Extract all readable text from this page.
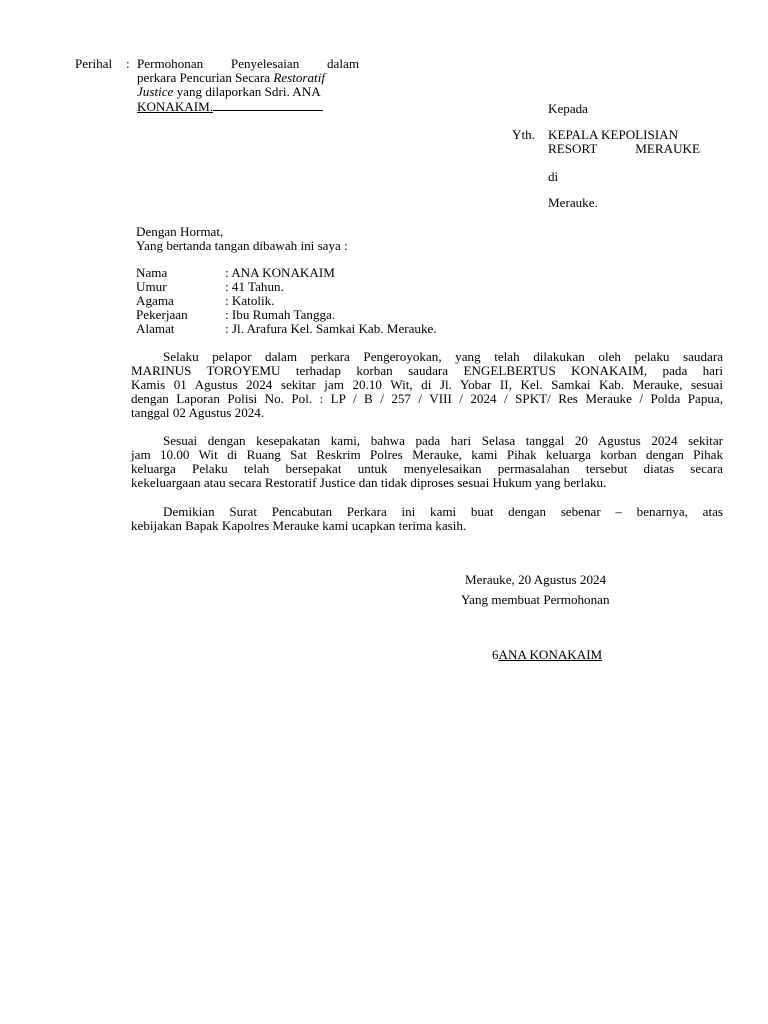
Perihal : Permohonan Penyelesaian dalam
perkara Pencurian Secara Restoratif
Justice yang dilaporkan Sdri. ANA
KONAKAIM.	Kepada
Yth. KEPALA KEPOLISIAN
RESORT	MERAUKE
di
Merauke.
Dengan Hormat,
Yang bertanda tangan dibawah ini saya :
Nama	: ANA KONAKAIM
Umur	: 41 Tahun.
Agama	: Katolik.
Pekerjaan	: Ibu Rumah Tangga.
Alamat	: Jl. Arafura Kel. Samkai Kab. Merauke.
Selaku pelapor dalam perkara Pengeroyokan, yang telah dilakukan oleh pelaku saudara
MARINUS TOROYEMU terhadap korban saudara ENGELBERTUS KONAKAIM, pada hari
Kamis 01 Agustus 2024 sekitar jam 20.10 Wit, di Jl. Yobar II, Kel. Samkai Kab. Merauke, sesuai
dengan Laporan Polisi No. Pol. : LP / B / 257 / VIII / 2024 / SPKT/ Res Merauke / Polda Papua,
tanggal 02 Agustus 2024.
Sesuai dengan kesepakatan kami, bahwa pada hari Selasa tanggal 20 Agustus 2024 sekitar
jam 10.00 Wit di Ruang Sat Reskrim Polres Merauke, kami Pihak keluarga korban dengan Pihak
keluarga Pelaku telah bersepakat untuk menyelesaikan permasalahan tersebut diatas secara
kekeluargaan atau secara Restoratif Justice dan tidak diproses sesuai Hukum yang berlaku.
Demikian Surat Pencabutan Perkara ini kami buat dengan sebenar – benarnya, atas
kebijakan Bapak Kapolres Merauke kami ucapkan terima kasih.
Merauke, 20 Agustus 2024
Yang membuat Permohonan
6ANA KONAKAIM
